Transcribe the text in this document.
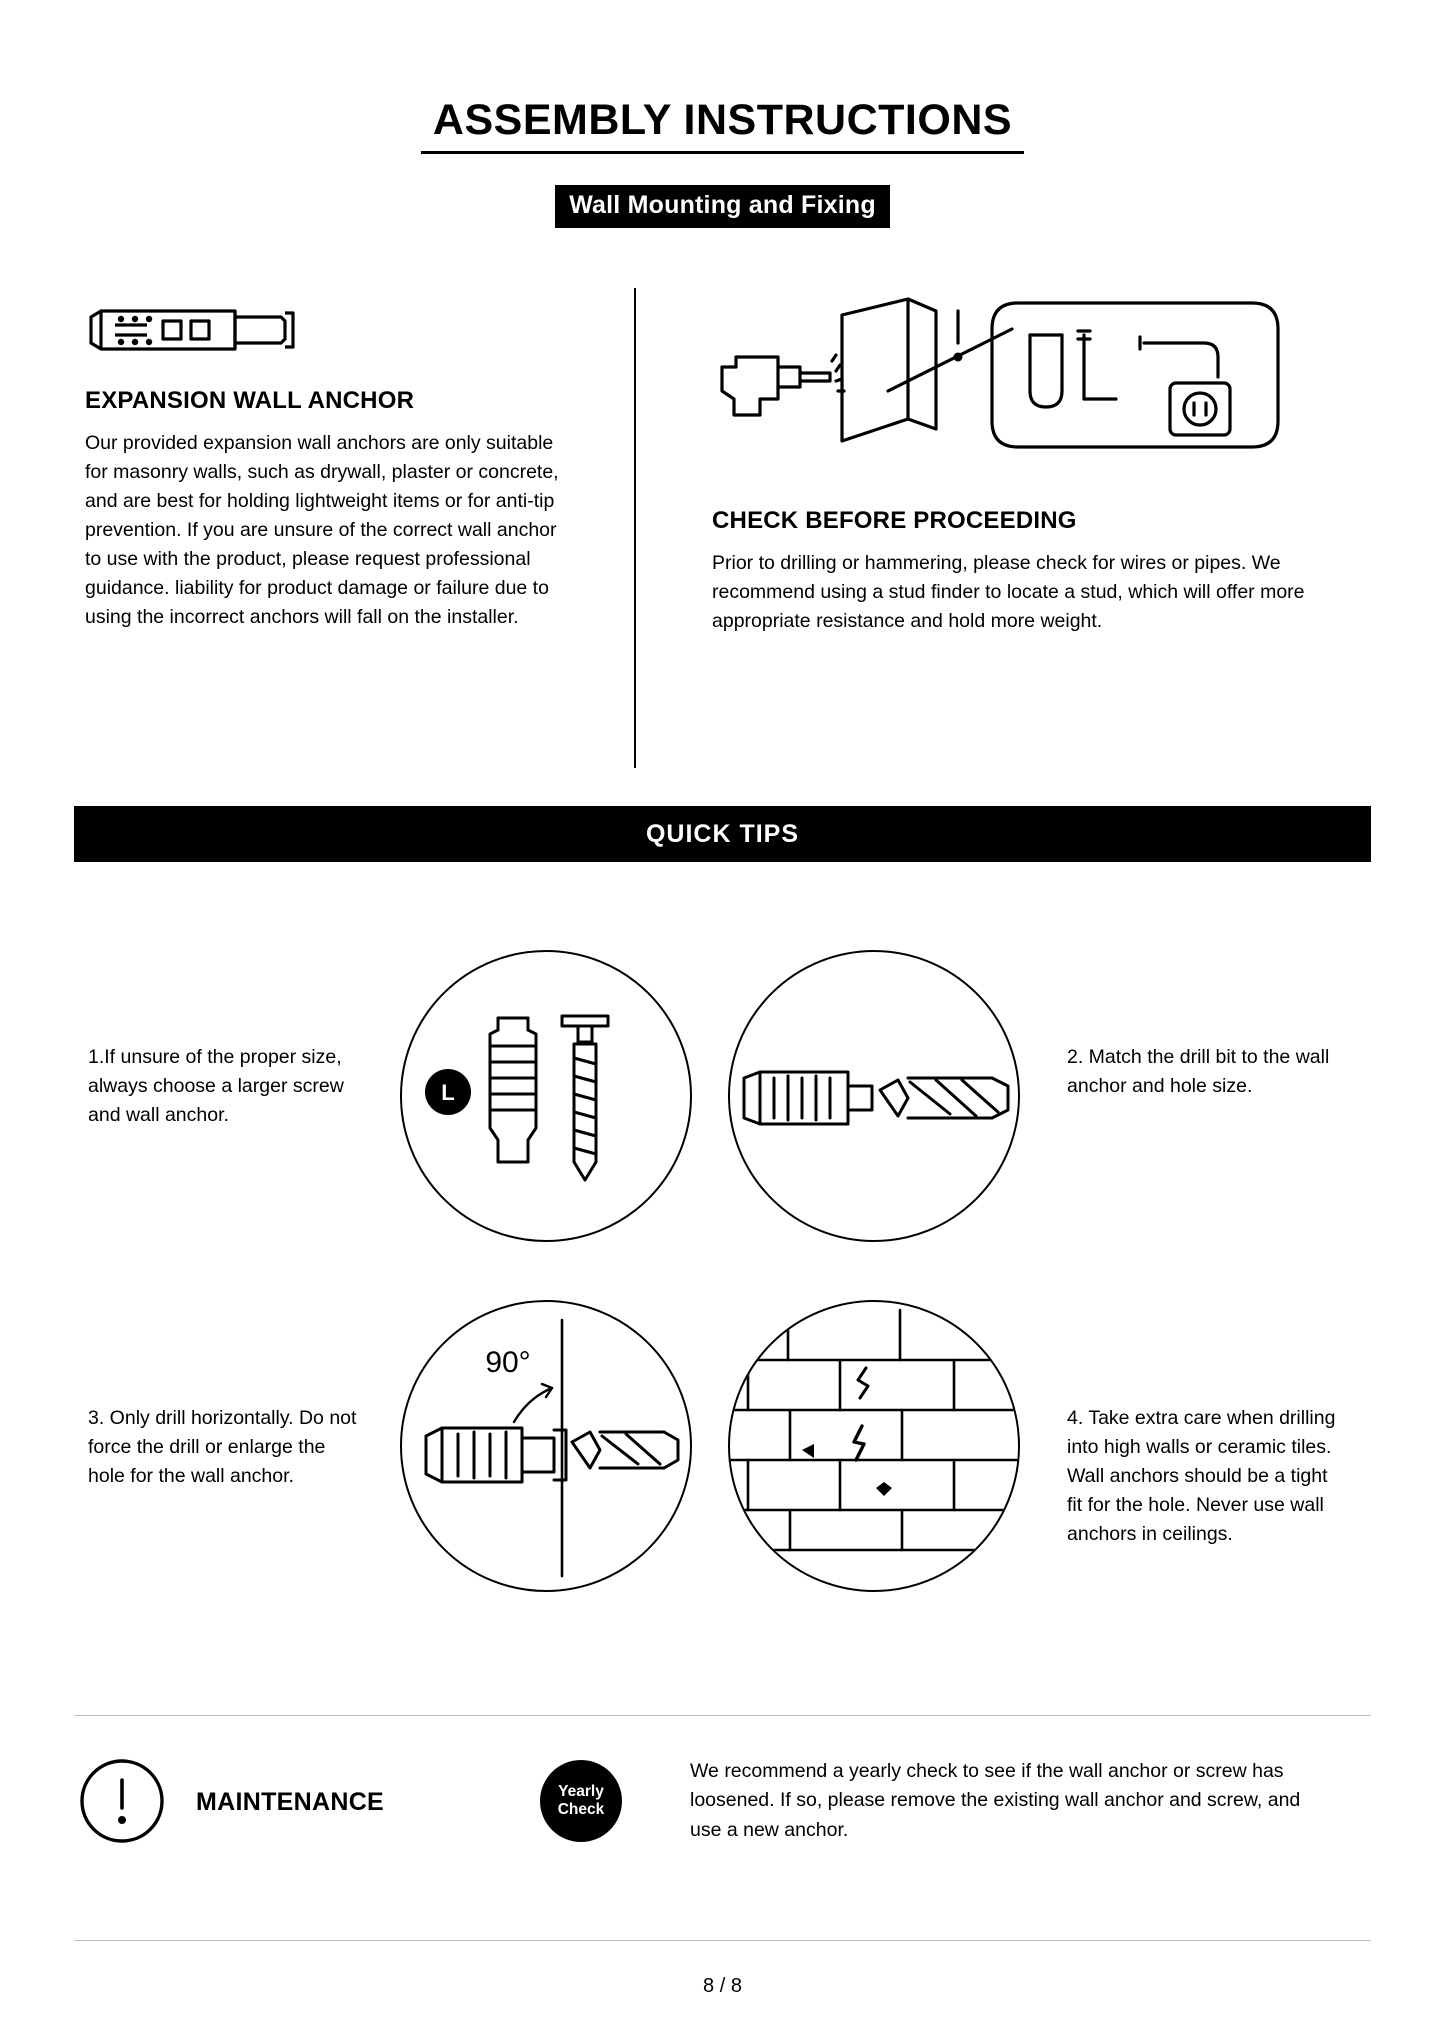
ASSEMBLY INSTRUCTIONS
Wall Mounting and Fixing
EXPANSION WALL ANCHOR
Our provided expansion wall anchors are only suitable for masonry walls, such as drywall, plaster or concrete, and are best for holding lightweight items or for anti-tip prevention. If you are unsure of the correct wall anchor to use with the product, please request professional guidance. liability for product damage or failure due to using the incorrect anchors will fall on the installer.
CHECK BEFORE PROCEEDING
Prior to drilling or hammering, please check for wires or pipes. We recommend using a stud finder to locate a stud, which will offer more appropriate resistance and hold more weight.
QUICK TIPS
1.If unsure of the proper size, always choose a larger screw and wall anchor.
L
2. Match the drill bit to the wall anchor and hole size.
3. Only drill horizontally. Do not force the drill or enlarge the hole for the wall anchor.
90°
4. Take extra care when drilling into high walls or ceramic tiles. Wall anchors should be a tight fit for the hole. Never use wall anchors in ceilings.
MAINTENANCE	Yearly
Check
We recommend a yearly check to see if the wall anchor or screw has loosened. If so, please remove the existing wall anchor and screw, and use a new anchor.
8 / 8
